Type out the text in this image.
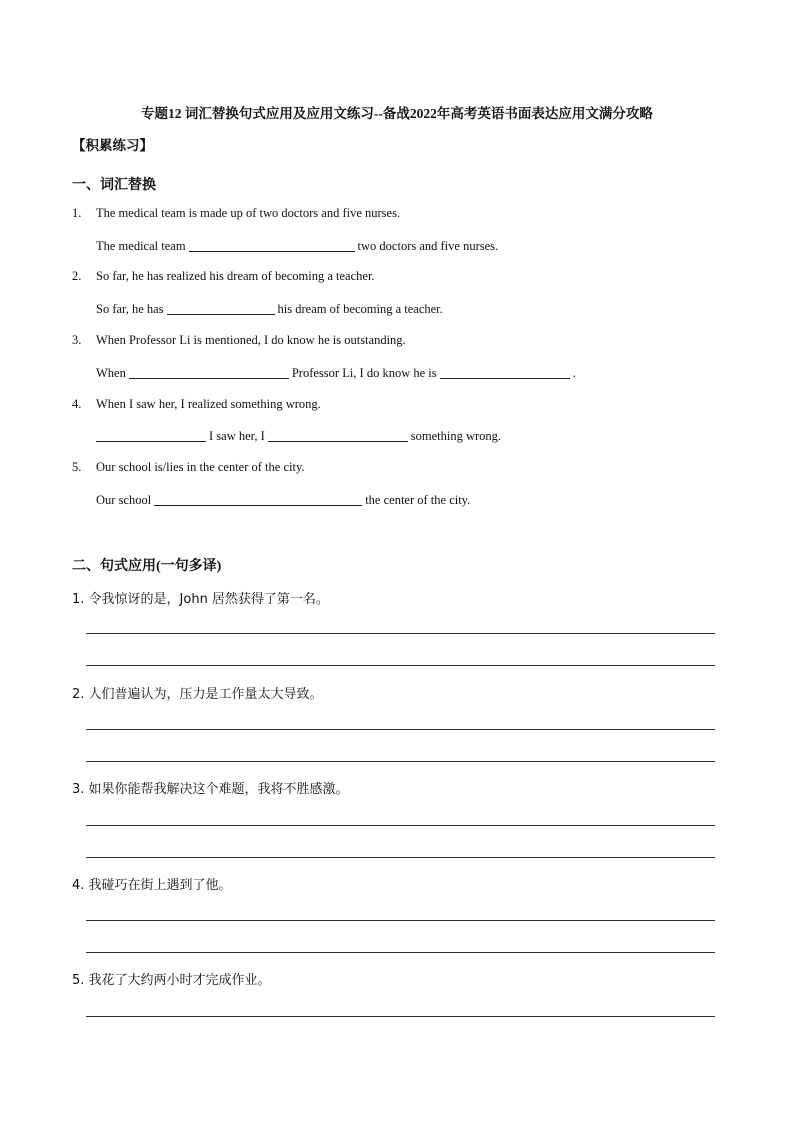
专题12 词汇替换句式应用及应用文练习--备战2022年高考英语书面表达应用文满分攻略
【积累练习】
一、词汇替换
1. The medical team is made up of two doctors and five nurses.
The medical team	two doctors and five nurses.
2. So far, he has realized his dream of becoming a teacher.
So far, he has	his dream of becoming a teacher.
3. When Professor Li is mentioned, I do know he is outstanding.
When	Professor Li, I do know he is	.
4. When I saw her, I realized something wrong.
I saw her, I	something wrong.
5. Our school is/lies in the center of the city.
Our school	the center of the city.
二、句式应用(一句多译)
1. 令我惊讶的是，John 居然获得了第一名。
2. 人们普遍认为，压力是工作量太大导致。
3. 如果你能帮我解决这个难题，我将不胜感激。
4. 我碰巧在街上遇到了他。
5. 我花了大约两小时才完成作业。
